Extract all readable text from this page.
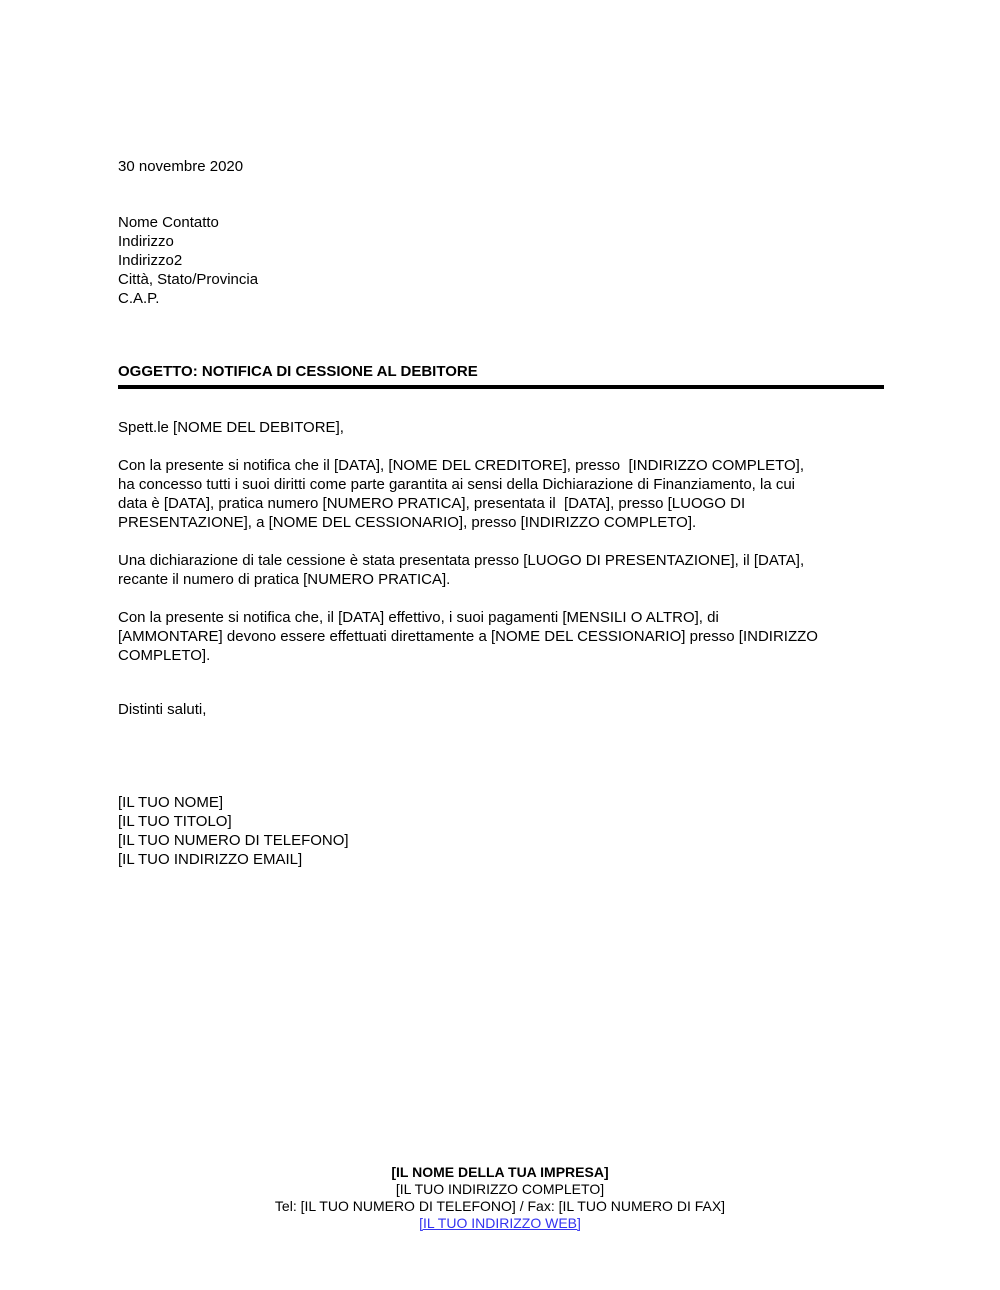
30 novembre 2020
Nome Contatto
Indirizzo
Indirizzo2
Città, Stato/Provincia
C.A.P.
OGGETTO: NOTIFICA DI CESSIONE AL DEBITORE
Spett.le [NOME DEL DEBITORE],
Con la presente si notifica che il [DATA], [NOME DEL CREDITORE], presso  [INDIRIZZO COMPLETO],
ha concesso tutti i suoi diritti come parte garantita ai sensi della Dichiarazione di Finanziamento, la cui
data è [DATA], pratica numero [NUMERO PRATICA], presentata il  [DATA], presso [LUOGO DI
PRESENTAZIONE], a [NOME DEL CESSIONARIO], presso [INDIRIZZO COMPLETO].
Una dichiarazione di tale cessione è stata presentata presso [LUOGO DI PRESENTAZIONE], il [DATA],
recante il numero di pratica [NUMERO PRATICA].
Con la presente si notifica che, il [DATA] effettivo, i suoi pagamenti [MENSILI O ALTRO], di
[AMMONTARE] devono essere effettuati direttamente a [NOME DEL CESSIONARIO] presso [INDIRIZZO
COMPLETO].
Distinti saluti,
[IL TUO NOME]
[IL TUO TITOLO]
[IL TUO NUMERO DI TELEFONO]
[IL TUO INDIRIZZO EMAIL]
[IL NOME DELLA TUA IMPRESA]
[IL TUO INDIRIZZO COMPLETO]
Tel: [IL TUO NUMERO DI TELEFONO] / Fax: [IL TUO NUMERO DI FAX]
[IL TUO INDIRIZZO WEB]
